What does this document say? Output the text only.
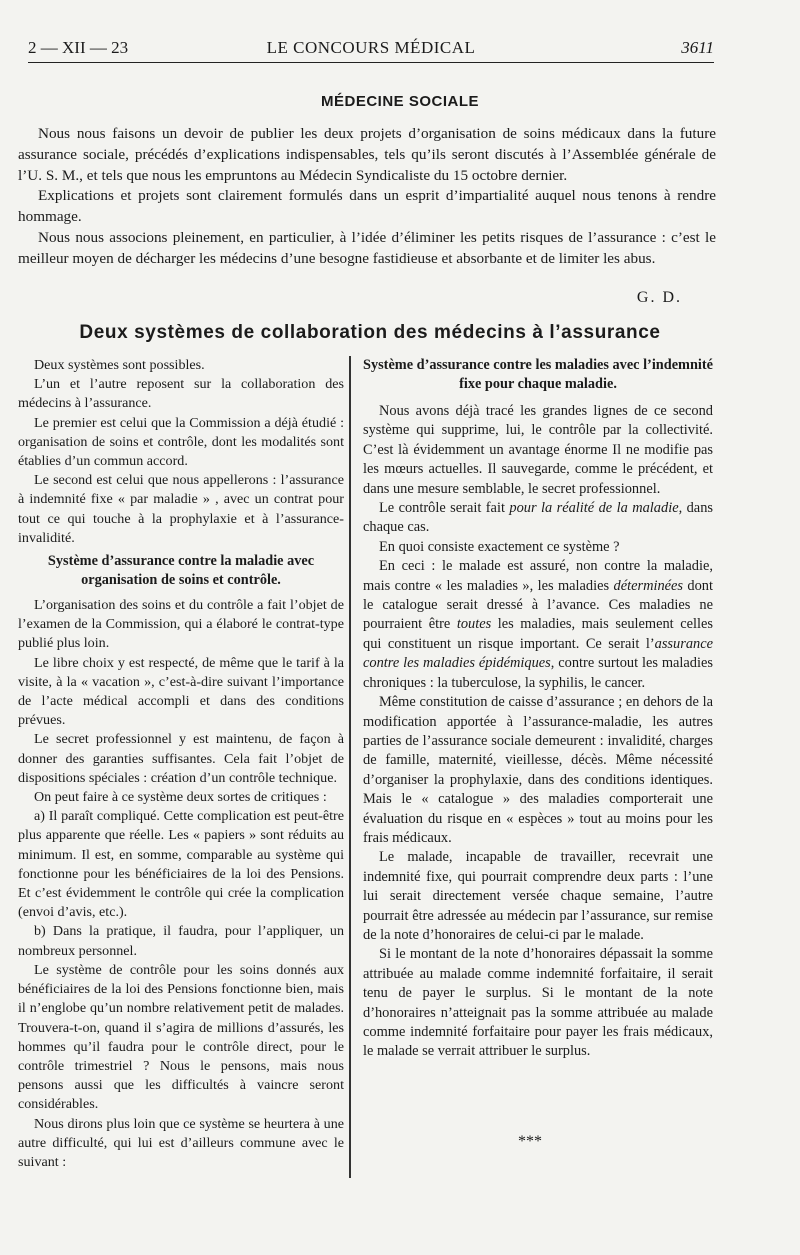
2 — XII — 23	LE CONCOURS MÉDICAL	3611
MÉDECINE SOCIALE

Nous nous faisons un devoir de publier les deux projets d’organisation de soins médicaux dans la future assurance sociale, précédés d’explications indispensables, tels qu’ils seront discutés à l’Assemblée générale de l’U. S. M., et tels que nous les empruntons au Médecin Syndicaliste du 15 octobre dernier.

Explications et projets sont clairement formulés dans un esprit d’impartialité auquel nous tenons à rendre hommage.

Nous nous associons pleinement, en particulier, à l’idée d’éliminer les petits risques de l’assurance : c’est le meilleur moyen de décharger les médecins d’une besogne fastidieuse et absorbante et de limiter les abus.

G. D.
Deux systèmes de collaboration des médecins à l’assurance

Deux systèmes sont possibles.

L’un et l’autre reposent sur la collaboration des médecins à l’assurance.

Le premier est celui que la Commission a déjà étudié : organisation de soins et contrôle, dont les modalités sont établies d’un commun accord.

Le second est celui que nous appellerons : l’assurance à indemnité fixe « par maladie » , avec un contrat pour tout ce qui touche à la prophylaxie et à l’assurance-invalidité.

Système d’assurance contre la maladie avec organisation de soins et contrôle.

L’organisation des soins et du contrôle a fait l’objet de l’examen de la Commission, qui a élaboré le contrat-type publié plus loin.

Le libre choix y est respecté, de même que le tarif à la visite, à la « vacation », c’est-à-dire suivant l’importance de l’acte médical accompli et dans des conditions prévues.

Le secret professionnel y est maintenu, de façon à donner des garanties suffisantes. Cela fait l’objet de dispositions spéciales : création d’un contrôle technique.

On peut faire à ce système deux sortes de critiques :

a) Il paraît compliqué. Cette complication est peut-être plus apparente que réelle. Les « papiers » sont réduits au minimum. Il est, en somme, comparable au système qui fonctionne pour les bénéficiaires de la loi des Pensions. Et c’est évidemment le contrôle qui crée la complication (envoi d’avis, etc.).

b) Dans la pratique, il faudra, pour l’appliquer, un nombreux personnel.

Le système de contrôle pour les soins donnés aux bénéficiaires de la loi des Pensions fonctionne bien, mais il n’englobe qu’un nombre relativement petit de malades. Trouvera-t-on, quand il s’agira de millions d’assurés, les hommes qu’il faudra pour le contrôle direct, pour le contrôle trimestriel ? Nous le pensons, mais nous pensons aussi que les difficultés à vaincre seront considérables.

Nous dirons plus loin que ce système se heurtera à une autre difficulté, qui lui est d’ailleurs commune avec le suivant :

Système d’assurance contre les maladies avec l’indemnité fixe pour chaque maladie.

Nous avons déjà tracé les grandes lignes de ce second système qui supprime, lui, le contrôle par la collectivité. C’est là évidemment un avantage énorme Il ne modifie pas les mœurs actuelles. Il sauvegarde, comme le précédent, et dans une mesure semblable, le secret professionnel.

Le contrôle serait fait pour la réalité de la maladie, dans chaque cas.

En quoi consiste exactement ce système ?

En ceci : le malade est assuré, non contre la maladie, mais contre « les maladies », les maladies déterminées dont le catalogue serait dressé à l’avance. Ces maladies ne pourraient être toutes les maladies, mais seulement celles qui constituent un risque important. Ce serait l’assurance contre les maladies épidémiques, contre surtout les maladies chroniques : la tuberculose, la syphilis, le cancer.

Même constitution de caisse d’assurance ; en dehors de la modification apportée à l’assurance-maladie, les autres parties de l’assurance sociale demeurent : invalidité, charges de famille, maternité, vieillesse, décès. Même nécessité d’organiser la prophylaxie, dans des conditions identiques. Mais le « catalogue » des maladies comporterait une évaluation du risque en « espèces » tout au moins pour les frais médicaux.

Le malade, incapable de travailler, recevrait une indemnité fixe, qui pourrait comprendre deux parts : l’une lui serait directement versée chaque semaine, l’autre pourrait être adressée au médecin par l’assurance, sur remise de la note d’honoraires de celui-ci par le malade.

Si le montant de la note d’honoraires dépassait la somme attribuée au malade comme indemnité forfaitaire, il serait tenu de payer le surplus. Si le montant de la note d’honoraires n’atteignait pas la somme attribuée au malade comme indemnité forfaitaire pour payer les frais médicaux, le malade se verrait attribuer le surplus.

***
